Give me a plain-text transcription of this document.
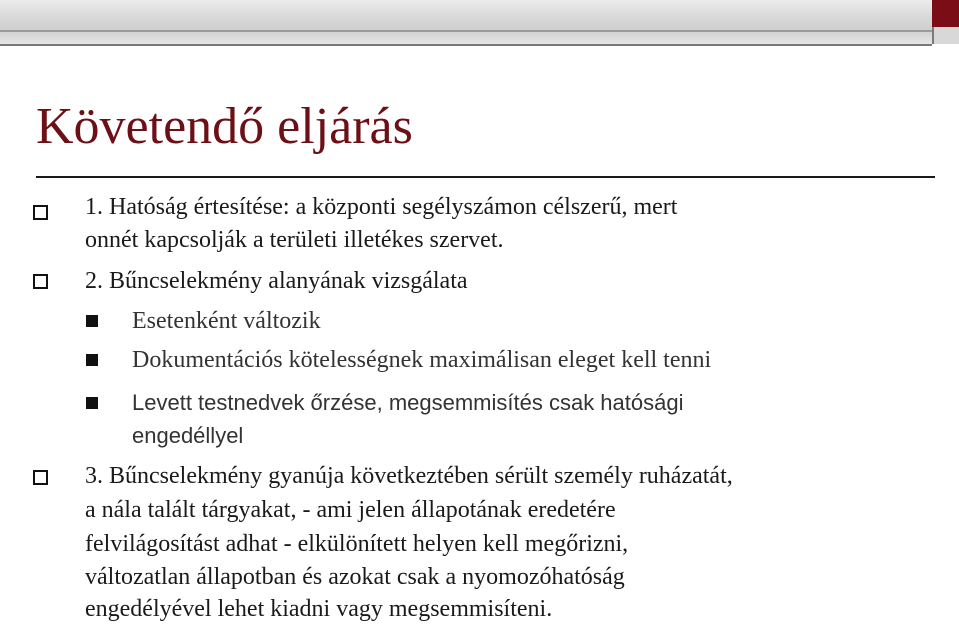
Követendő eljárás
1. Hatóság értesítése: a központi segélyszámon célszerű, mert
onnét kapcsolják a területi illetékes szervet.
2. Bűncselekmény alanyának vizsgálata
Esetenként változik
Dokumentációs kötelességnek maximálisan eleget kell tenni
Levett testnedvek őrzése, megsemmisítés csak hatósági
engedéllyel
3. Bűncselekmény gyanúja következtében sérült személy ruházatát,
a nála talált tárgyakat, - ami jelen állapotának eredetére
felvilágosítást adhat - elkülönített helyen kell megőrizni,
változatlan állapotban és azokat csak a nyomozóhatóság
engedélyével lehet kiadni vagy megsemmisíteni.
